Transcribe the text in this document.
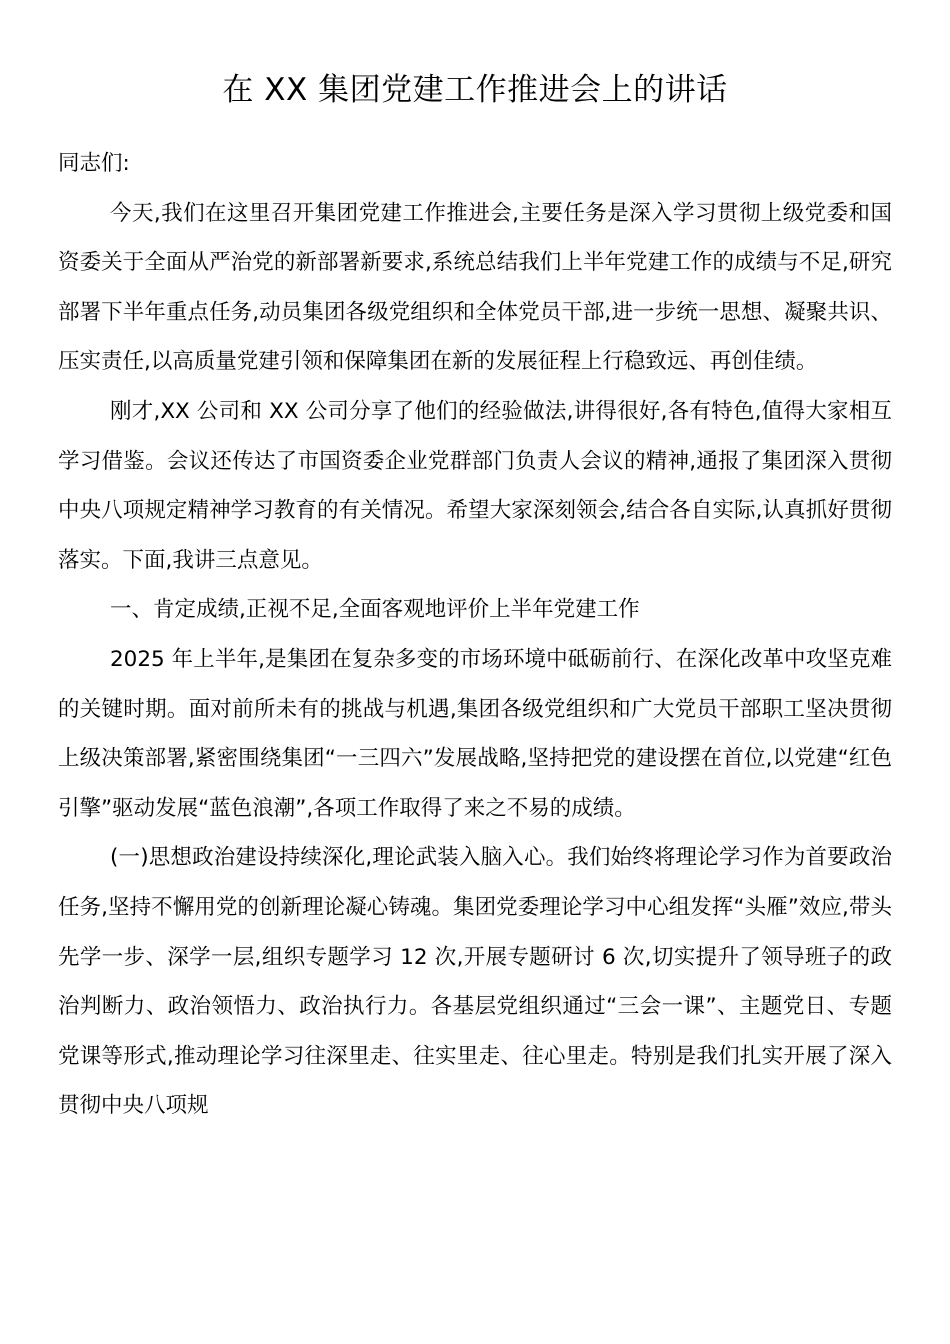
在 XX 集团党建工作推进会上的讲话

同志们:

今天,我们在这里召开集团党建工作推进会,主要任务是深入学习贯彻上级党委和国资委关于全面从严治党的新部署新要求,系统总结我们上半年党建工作的成绩与不足,研究部署下半年重点任务,动员集团各级党组织和全体党员干部,进一步统一思想、凝聚共识、压实责任,以高质量党建引领和保障集团在新的发展征程上行稳致远、再创佳绩。

刚才,XX 公司和 XX 公司分享了他们的经验做法,讲得很好,各有特色,值得大家相互学习借鉴。会议还传达了市国资委企业党群部门负责人会议的精神,通报了集团深入贯彻中央八项规定精神学习教育的有关情况。希望大家深刻领会,结合各自实际,认真抓好贯彻落实。下面,我讲三点意见。

一、肯定成绩,正视不足,全面客观地评价上半年党建工作

2025 年上半年,是集团在复杂多变的市场环境中砥砺前行、在深化改革中攻坚克难的关键时期。面对前所未有的挑战与机遇,集团各级党组织和广大党员干部职工坚决贯彻上级决策部署,紧密围绕集团“一三四六”发展战略,坚持把党的建设摆在首位,以党建“红色引擎”驱动发展“蓝色浪潮”,各项工作取得了来之不易的成绩。

(一)思想政治建设持续深化,理论武装入脑入心。我们始终将理论学习作为首要政治任务,坚持不懈用党的创新理论凝心铸魂。集团党委理论学习中心组发挥“头雁”效应,带头先学一步、深学一层,组织专题学习 12 次,开展专题研讨 6 次,切实提升了领导班子的政治判断力、政治领悟力、政治执行力。各基层党组织通过“三会一课”、主题党日、专题党课等形式,推动理论学习往深里走、往实里走、往心里走。特别是我们扎实开展了深入贯彻中央八项规
